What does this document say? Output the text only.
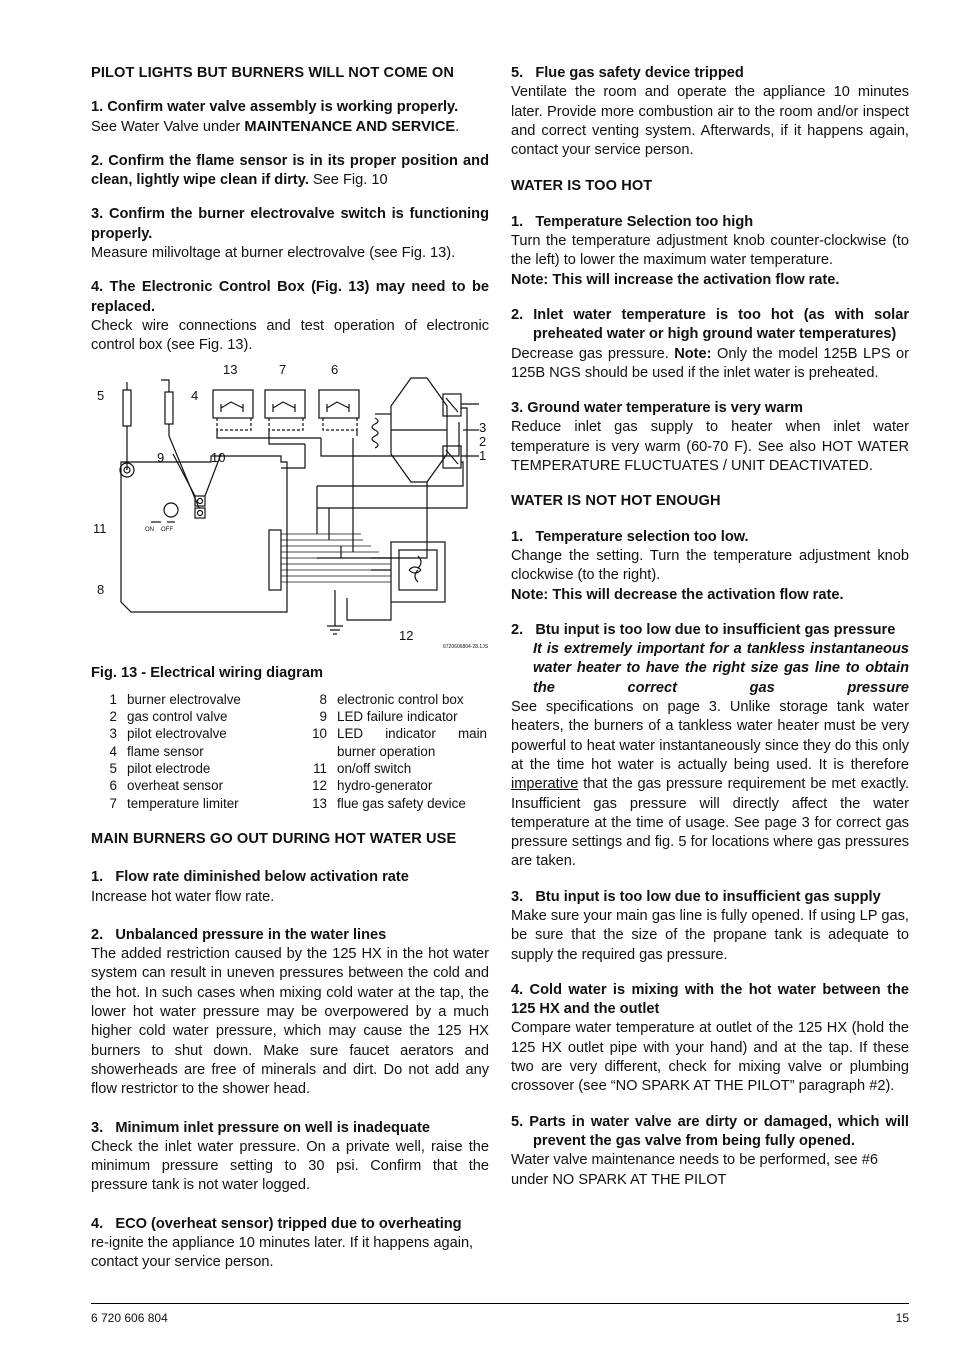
PILOT LIGHTS BUT BURNERS WILL NOT COME ON

1. Confirm water valve assembly is working properly.

See Water Valve under MAINTENANCE AND SERVICE.

2. Confirm the flame sensor is in its proper position and clean, lightly wipe clean if dirty. See Fig. 10

3. Confirm the burner electrovalve switch is functioning properly.

Measure milivoltage at burner electrovalve (see Fig. 13).

4. The Electronic Control Box (Fig. 13) may need to be replaced.

Check wire connections and test operation of electronic control box (see Fig. 13).

13	7	6
5	4
3
2
1
9	10
11
8
12
ON OFF
6720606804-28.1JS

Fig. 13 - Electrical wiring diagram

1 burner electrovalve	8 electronic control box
2 gas control valve	9 LED failure indicator
3 pilot electrovalve	10 LED indicator main burner operation
4 flame sensor
5 pilot electrode	11 on/off switch
6 overheat sensor	12 hydro-generator
7 temperature limiter	13 flue gas safety device

MAIN BURNERS GO OUT DURING HOT WATER USE

1.   Flow rate diminished below activation rate

Increase hot water flow rate.

2.   Unbalanced pressure in the water lines

The added restriction caused by the 125 HX in the hot water system can result in uneven pressures between the cold and the hot. In such cases when mixing cold water at the tap, the lower hot water pressure may be overpowered by a much higher cold water pressure, which may cause the 125 HX burners to shut down. Make sure faucet aerators and showerheads are free of minerals and dirt. Do not add any flow restrictor to the shower head.

3.   Minimum inlet pressure on well is inadequate

Check the inlet water pressure. On a private well, raise the minimum pressure setting to 30 psi. Confirm that the pressure tank is not water logged.

4.   ECO (overheat sensor) tripped due to overheating

re-ignite the appliance 10 minutes later. If it happens again, contact your service person.

5.   Flue gas safety device tripped

Ventilate the room and operate the appliance 10 minutes later. Provide more combustion air to the room and/or inspect and correct venting system. Afterwards, if it happens again, contact your service person.

WATER IS TOO HOT

1.   Temperature Selection too high

Turn the temperature adjustment knob counter-clockwise (to the left) to lower the maximum water temperature.

Note: This will increase the activation flow rate.

2. Inlet water temperature is too hot (as with solar preheated water or high ground water temperatures)

Decrease gas pressure. Note: Only the model 125B LPS or 125B NGS should be used if the inlet water is preheated.

3. Ground water temperature is very warm

Reduce inlet gas supply to heater when inlet water temperature is very warm (60-70 F). See also HOT WATER TEMPERATURE FLUCTUATES / UNIT DEACTIVATED.

WATER IS NOT HOT ENOUGH

1.   Temperature selection too low.

Change the setting. Turn the temperature adjustment knob clockwise (to the right).

Note: This will decrease the activation flow rate.

2.   Btu input is too low due to insufficient gas pressure

It is extremely important for a tankless instantaneous water heater to have the right size gas line to obtain the correct gas pressure

See specifications on page 3. Unlike storage tank water heaters, the burners of a tankless water heater must be very powerful to heat water instantaneously since they do this only at the time hot water is actually being used. It is therefore imperative that the gas pressure requirement be met exactly. Insufficient gas pressure will directly affect the water temperature at the time of usage. See page 3 for correct gas pressure settings and fig. 5 for locations where gas pressures are taken.

3.   Btu input is too low due to insufficient gas supply

Make sure your main gas line is fully opened. If using LP gas, be sure that the size of the propane tank is adequate to supply the required gas pressure.

4. Cold water is mixing with the hot water between the 125 HX and the outlet

Compare water temperature at outlet of the 125 HX (hold the 125 HX outlet pipe with your hand) and at the tap. If these two are very different, check for mixing valve or plumbing crossover (see “NO SPARK AT THE PILOT” paragraph #2).

5. Parts in water valve are dirty or damaged, which will prevent the gas valve from being fully opened.

Water valve maintenance needs to be performed, see #6 under NO SPARK AT THE PILOT

6 720 606 804	15
